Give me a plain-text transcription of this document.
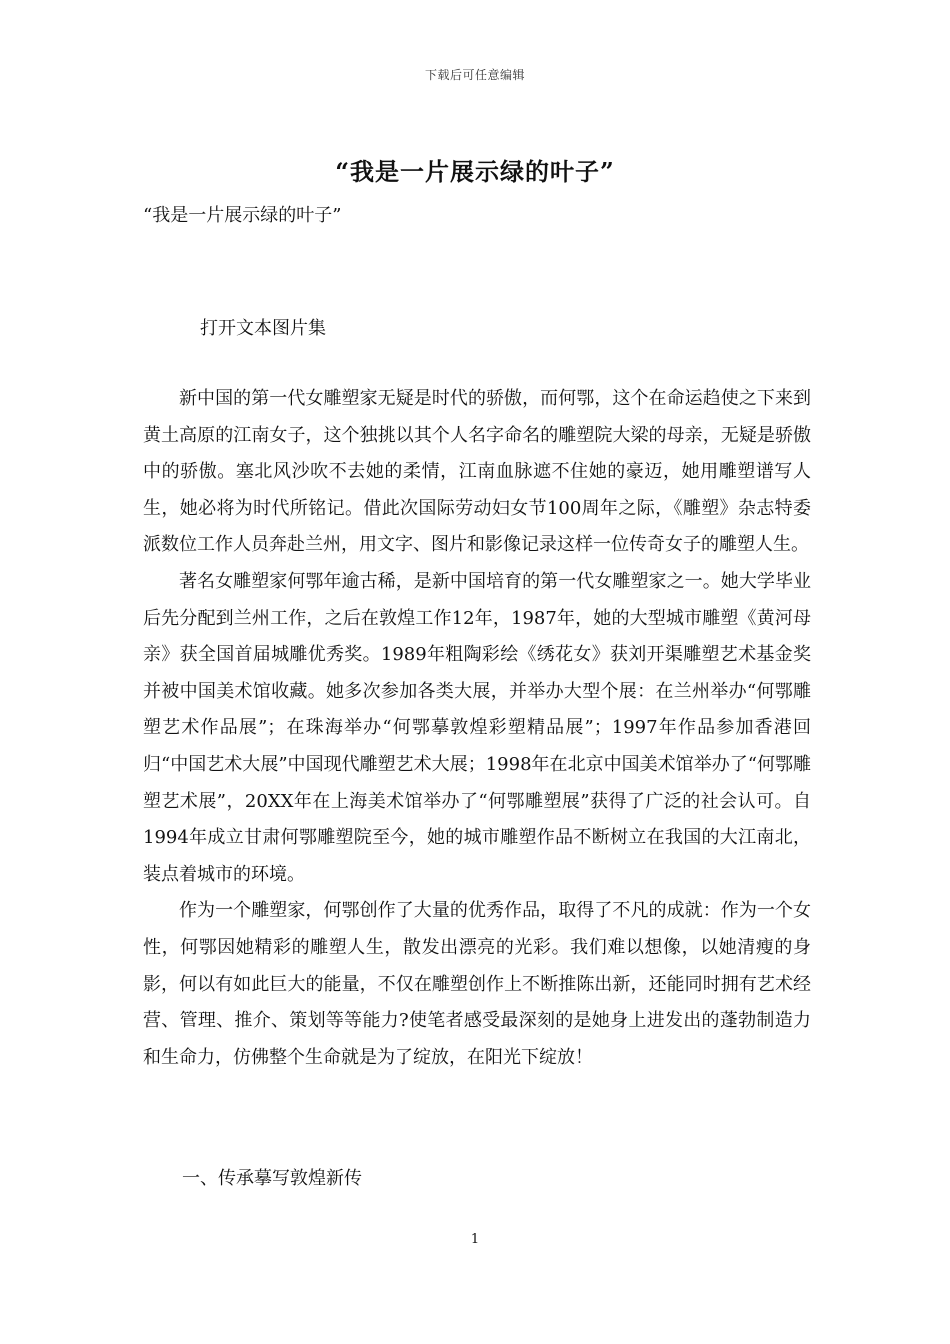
下载后可任意编辑
“我是一片展示绿的叶子”
“我是一片展示绿的叶子”
打开文本图片集

新中国的第一代女雕塑家无疑是时代的骄傲，而何鄂，这个在命运趋使之下来到黄土高原的江南女子，这个独挑以其个人名字命名的雕塑院大梁的母亲，无疑是骄傲中的骄傲。塞北风沙吹不去她的柔情，江南血脉遮不住她的豪迈，她用雕塑谱写人生，她必将为时代所铭记。借此次国际劳动妇女节100周年之际，《雕塑》杂志特委派数位工作人员奔赴兰州，用文字、图片和影像记录这样一位传奇女子的雕塑人生。

著名女雕塑家何鄂年逾古稀，是新中国培育的第一代女雕塑家之一。她大学毕业后先分配到兰州工作，之后在敦煌工作12年，1987年，她的大型城市雕塑《黄河母亲》获全国首届城雕优秀奖。1989年粗陶彩绘《绣花女》获刘开渠雕塑艺术基金奖并被中国美术馆收藏。她多次参加各类大展，并举办大型个展：在兰州举办“何鄂雕塑艺术作品展”；在珠海举办“何鄂摹敦煌彩塑精品展”；1997年作品参加香港回归“中国艺术大展”中国现代雕塑艺术大展；1998年在北京中国美术馆举办了“何鄂雕塑艺术展”，20XX年在上海美术馆举办了“何鄂雕塑展”获得了广泛的社会认可。自1994年成立甘肃何鄂雕塑院至今，她的城市雕塑作品不断树立在我国的大江南北，装点着城市的环境。

作为一个雕塑家，何鄂创作了大量的优秀作品，取得了不凡的成就：作为一个女性，何鄂因她精彩的雕塑人生，散发出漂亮的光彩。我们难以想像，以她清瘦的身影，何以有如此巨大的能量，不仅在雕塑创作上不断推陈出新，还能同时拥有艺术经营、管理、推介、策划等等能力?使笔者感受最深刻的是她身上进发出的蓬勃制造力和生命力，仿佛整个生命就是为了绽放，在阳光下绽放！

一、传承摹写敦煌新传
1
